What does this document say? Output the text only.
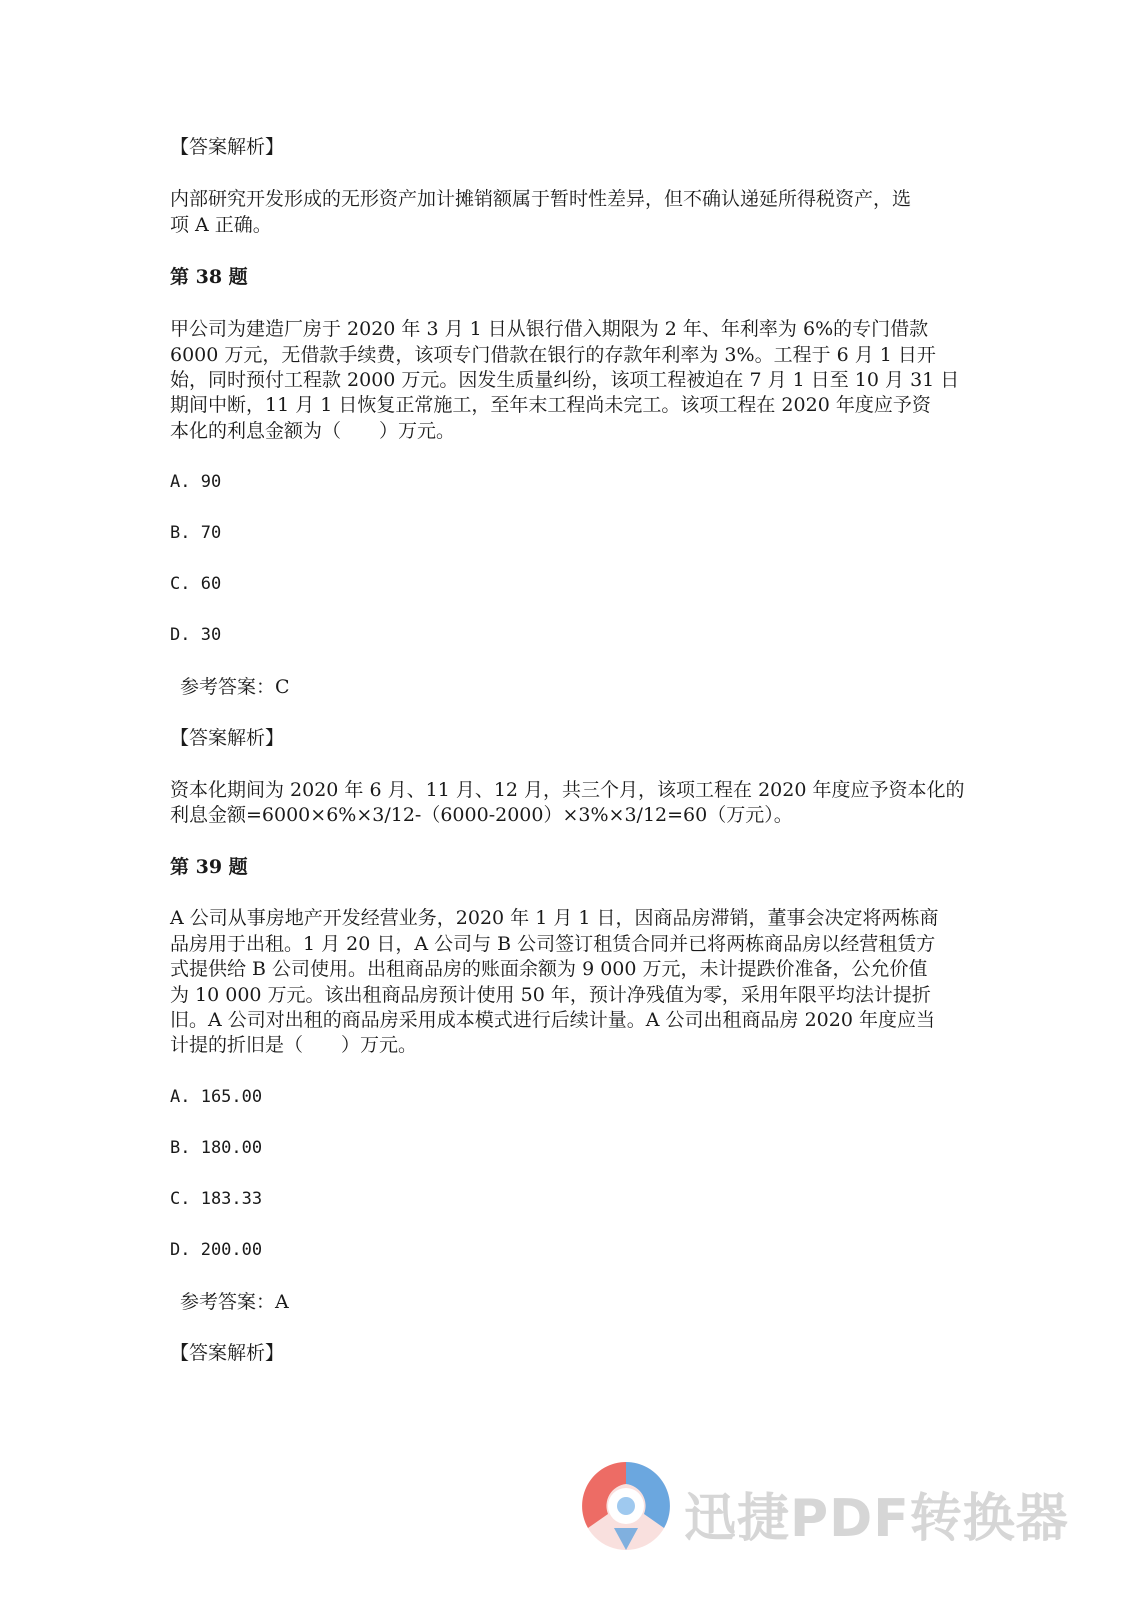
【答案解析】
内部研究开发形成的无形资产加计摊销额属于暂时性差异，但不确认递延所得税资产，选
项 A 正确。
第 38 题
甲公司为建造厂房于 2020 年 3 月 1 日从银行借入期限为 2 年、年利率为 6%的专门借款
6000 万元，无借款手续费，该项专门借款在银行的存款年利率为 3%。工程于 6 月 1 日开
始，同时预付工程款 2000 万元。因发生质量纠纷，该项工程被迫在 7 月 1 日至 10 月 31 日
期间中断，11 月 1 日恢复正常施工，至年末工程尚未完工。该项工程在 2020 年度应予资
本化的利息金额为（　　）万元。
A. 90
B. 70
C. 60
D. 30
参考答案：C
【答案解析】
资本化期间为 2020 年 6 月、11 月、12 月，共三个月，该项工程在 2020 年度应予资本化的
利息金额=6000×6%×3/12-（6000-2000）×3%×3/12=60（万元）。
第 39 题
A 公司从事房地产开发经营业务，2020 年 1 月 1 日，因商品房滞销，董事会决定将两栋商
品房用于出租。1 月 20 日，A 公司与 B 公司签订租赁合同并已将两栋商品房以经营租赁方
式提供给 B 公司使用。出租商品房的账面余额为 9 000 万元，未计提跌价准备，公允价值
为 10 000 万元。该出租商品房预计使用 50 年，预计净残值为零，采用年限平均法计提折
旧。A 公司对出租的商品房采用成本模式进行后续计量。A 公司出租商品房 2020 年度应当
计提的折旧是（　　）万元。
A. 165.00
B. 180.00
C. 183.33
D. 200.00
参考答案：A
【答案解析】
迅捷PDF转换器
